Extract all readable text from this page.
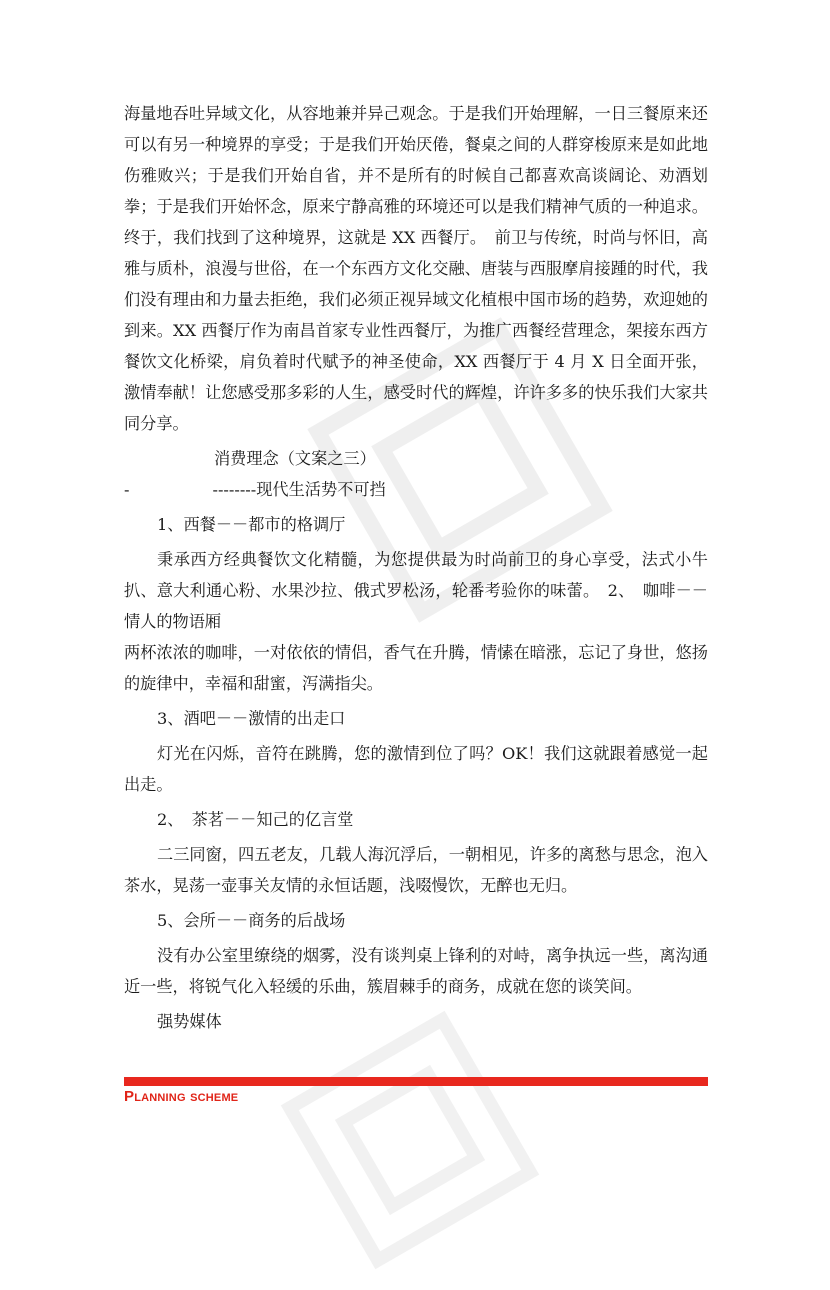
海量地吞吐异域文化，从容地兼并异己观念。于是我们开始理解，一日三餐原来还可以有另一种境界的享受；于是我们开始厌倦，餐桌之间的人群穿梭原来是如此地伤雅败兴；于是我们开始自省，并不是所有的时候自己都喜欢高谈阔论、劝酒划拳；于是我们开始怀念，原来宁静高雅的环境还可以是我们精神气质的一种追求。终于，我们找到了这种境界，这就是 XX 西餐厅。　前卫与传统，时尚与怀旧，高雅与质朴，浪漫与世俗，在一个东西方文化交融、唐装与西服摩肩接踵的时代，我们没有理由和力量去拒绝，我们必须正视异域文化植根中国市场的趋势，欢迎她的到来。XX 西餐厅作为南昌首家专业性西餐厅，为推广西餐经营理念，架接东西方餐饮文化桥梁，肩负着时代赋予的神圣使命，XX 西餐厅于 4 月 X 日全面开张，激情奉献！让您感受那多彩的人生，感受时代的辉煌，许许多多的快乐我们大家共同分享。

消费理念（文案之三）

-	--------现代生活势不可挡

1、西餐－－都市的格调厅

秉承西方经典餐饮文化精髓，为您提供最为时尚前卫的身心享受，法式小牛扒、意大利通心粉、水果沙拉、俄式罗松汤，轮番考验你的味蕾。　2、　咖啡－－情人的物语厢

两杯浓浓的咖啡，一对依依的情侣，香气在升腾，情愫在暗涨，忘记了身世，悠扬的旋律中，幸福和甜蜜，泻满指尖。

3、酒吧－－激情的出走口

灯光在闪烁，音符在跳腾，您的激情到位了吗？OK！我们这就跟着感觉一起出走。

2、　茶茗－－知己的亿言堂

二三同窗，四五老友，几载人海沉浮后，一朝相见，许多的离愁与思念，泡入茶水，晃荡一壶事关友情的永恒话题，浅啜慢饮，无醉也无归。

5、会所－－商务的后战场

没有办公室里缭绕的烟雾，没有谈判桌上锋利的对峙，离争执远一些，离沟通近一些，将锐气化入轻缓的乐曲，簇眉棘手的商务，成就在您的谈笑间。

强势媒体

Planning scheme
